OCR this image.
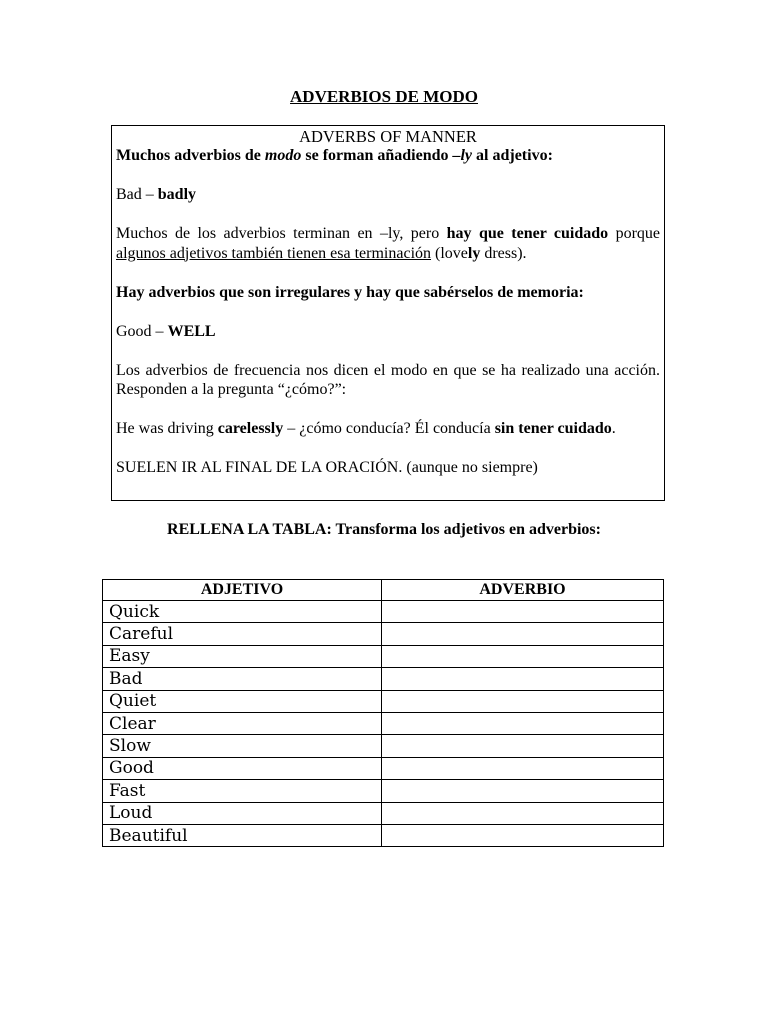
ADVERBIOS DE MODO

ADVERBS OF MANNER

Muchos adverbios de modo se forman añadiendo –ly al adjetivo:

Bad – badly

Muchos de los adverbios terminan en –ly, pero hay que tener cuidado porque algunos adjetivos también tienen esa terminación (lovely dress).

Hay adverbios que son irregulares y hay que sabérselos de memoria:

Good – WELL

Los adverbios de frecuencia nos dicen el modo en que se ha realizado una acción. Responden a la pregunta “¿cómo?”:

He was driving carelessly – ¿cómo conducía? Él conducía sin tener cuidado.

SUELEN IR AL FINAL DE LA ORACIÓN. (aunque no siempre)

RELLENA LA TABLA: Transforma los adjetivos en adverbios:
ADJETIVO	ADVERBIO
Quick	
Careful	
Easy	
Bad	
Quiet	
Clear	
Slow	
Good	
Fast	
Loud	
Beautiful	
